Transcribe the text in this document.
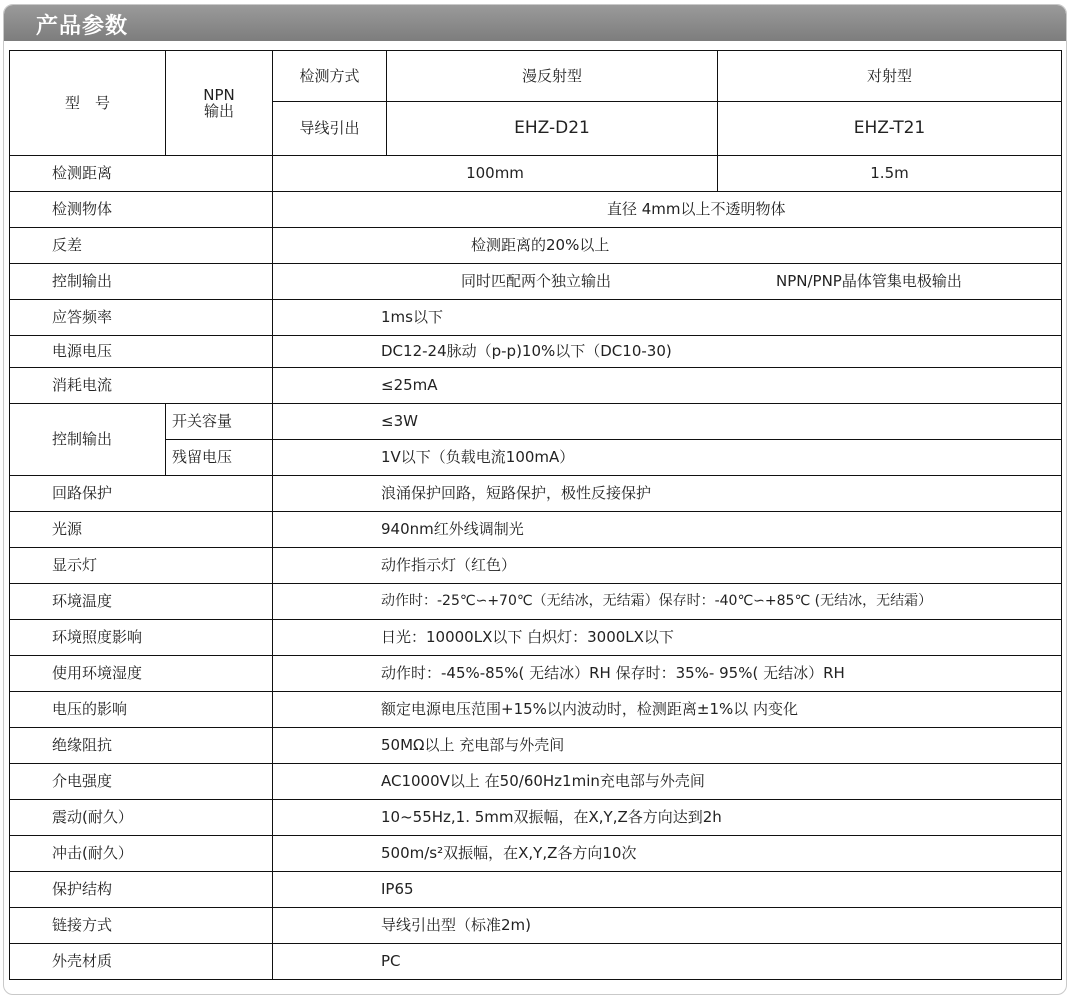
产品参数
型　号	NPN
输出	检测方式	漫反射型	对射型
		导线引出	EHZ-D21	EHZ-T21
检测距离		100mm		1.5m
检测物体		直径 4mm以上不透明物体		
反差		检测距离的20%以上		
控制输出		同时匹配两个独立输出		NPN/PNP晶体管集电极输出
应答频率		1ms以下		
电源电压		DC12-24脉动（p-p)10%以下（DC10-30)		
消耗电流		≤25mA		
控制输出	开关容量	≤3W		
	残留电压	1V以下（负载电流100mA）		
回路保护		浪涌保护回路，短路保护，极性反接保护		
光源		940nm红外线调制光		
显示灯		动作指示灯（红色）		
环境温度		动作时：-25℃∽+70℃（无结冰，无结霜）保存时：-40℃∽+85℃ (无结冰，无结霜）		
环境照度影响		日光：10000LX以下 白炽灯：3000LX以下		
使用环境湿度		动作时：-45%-85%( 无结冰）RH 保存时：35%- 95%( 无结冰）RH		
电压的影响		额定电源电压范围+15%以内波动时，检测距离±1%以 内变化		
绝缘阻抗		50MΩ以上 充电部与外壳间		
介电强度		AC1000V以上 在50/60Hz1min充电部与外壳间		
震动(耐久）		10~55Hz,1. 5mm双振幅，在X,Y,Z各方向达到2h		
冲击(耐久）		500m/s²双振幅，在X,Y,Z各方向10次		
保护结构		IP65		
链接方式		导线引出型（标准2m)		
外壳材质		PC		
